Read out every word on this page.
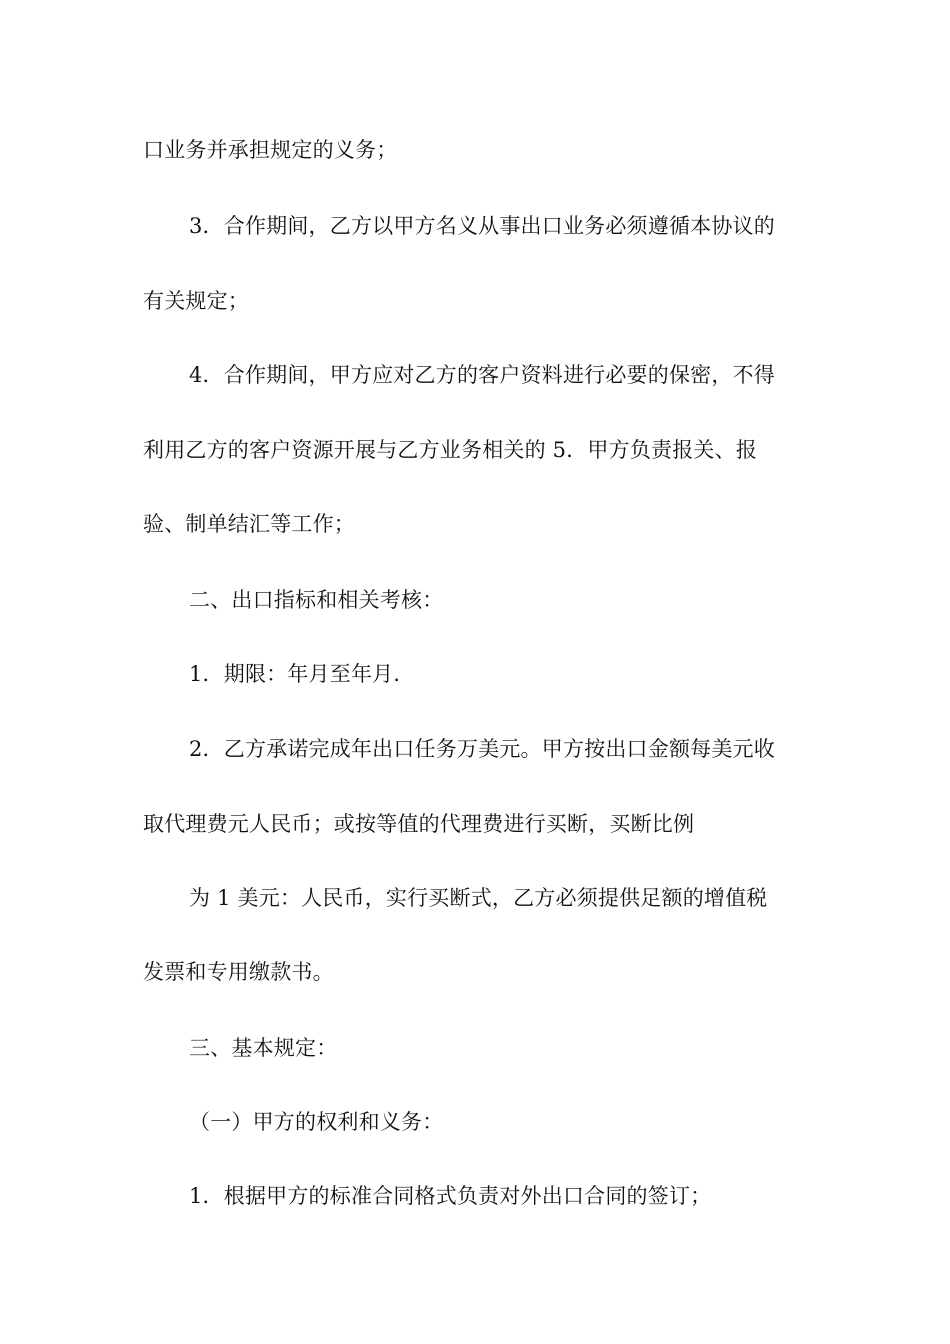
口业务并承担规定的义务；
3．合作期间，乙方以甲方名义从事出口业务必须遵循本协议的
有关规定；
4．合作期间，甲方应对乙方的客户资料进行必要的保密，不得
利用乙方的客户资源开展与乙方业务相关的 5．甲方负责报关、报
验、制单结汇等工作；
二、出口指标和相关考核：
1．期限：年月至年月．
2．乙方承诺完成年出口任务万美元。甲方按出口金额每美元收
取代理费元人民币；或按等值的代理费进行买断，买断比例
为 1 美元：人民币，实行买断式，乙方必须提供足额的增值税
发票和专用缴款书。
三、基本规定：
（一）甲方的权利和义务：
1．根据甲方的标准合同格式负责对外出口合同的签订；
